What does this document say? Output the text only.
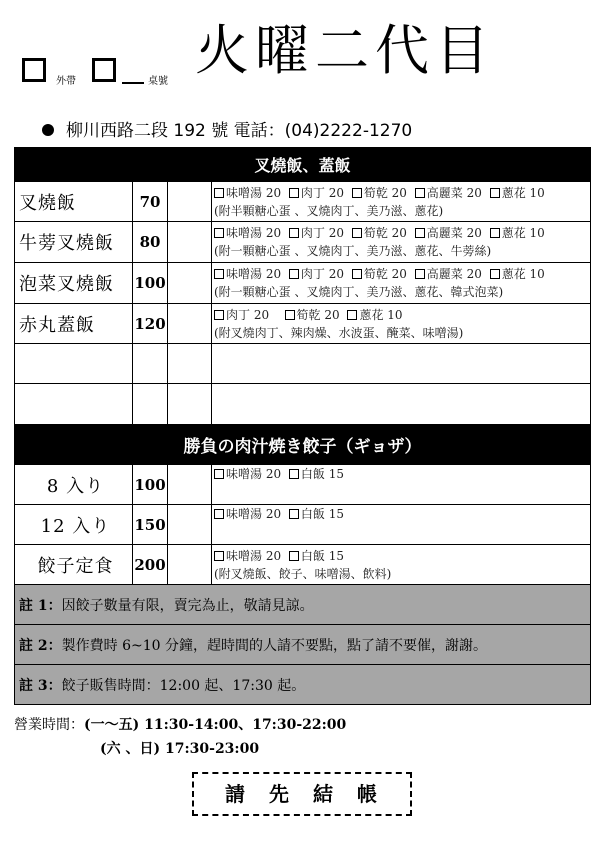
外帶	桌號 火曜二代目
柳川西路二段 192 號 電話：(04)2222-1270
叉燒飯、蓋飯			
叉燒飯	70		味噌湯 20 肉丁 20 筍乾 20 高麗菜 20 蔥花 10
(附半顆糖心蛋 、叉燒肉丁、美乃滋、蔥花)

牛蒡叉燒飯	80		味噌湯 20 肉丁 20 筍乾 20 高麗菜 20 蔥花 10
(附一顆糖心蛋 、叉燒肉丁、美乃滋、蔥花、牛蒡絲)

泡菜叉燒飯	100		味噌湯 20 肉丁 20 筍乾 20 高麗菜 20 蔥花 10
(附一顆糖心蛋 、叉燒肉丁、美乃滋、蔥花、韓式泡菜)

赤丸蓋飯	120		肉丁 20 筍乾 20 蔥花 10
(附叉燒肉丁、辣肉燥、水波蛋、醃菜、味噌湯)

勝負の肉汁焼き餃子（ギョザ）			
8 入り	100		味噌湯 20 白飯 15

12 入り	150		味噌湯 20 白飯 15

餃子定食	200		味噌湯 20 白飯 15
(附叉燒飯、餃子、味噌湯、飲料)

註 1：因餃子數量有限，賣完為止，敬請見諒。			
註 2：製作費時 6~10 分鐘，趕時間的人請不要點，點了請不要催，謝謝。			
註 3：餃子販售時間：12:00 起、17:30 起。			
營業時間：(一～五) 11:30-14:00、17:30-22:00
(六 、日) 17:30-23:00
請先結帳
